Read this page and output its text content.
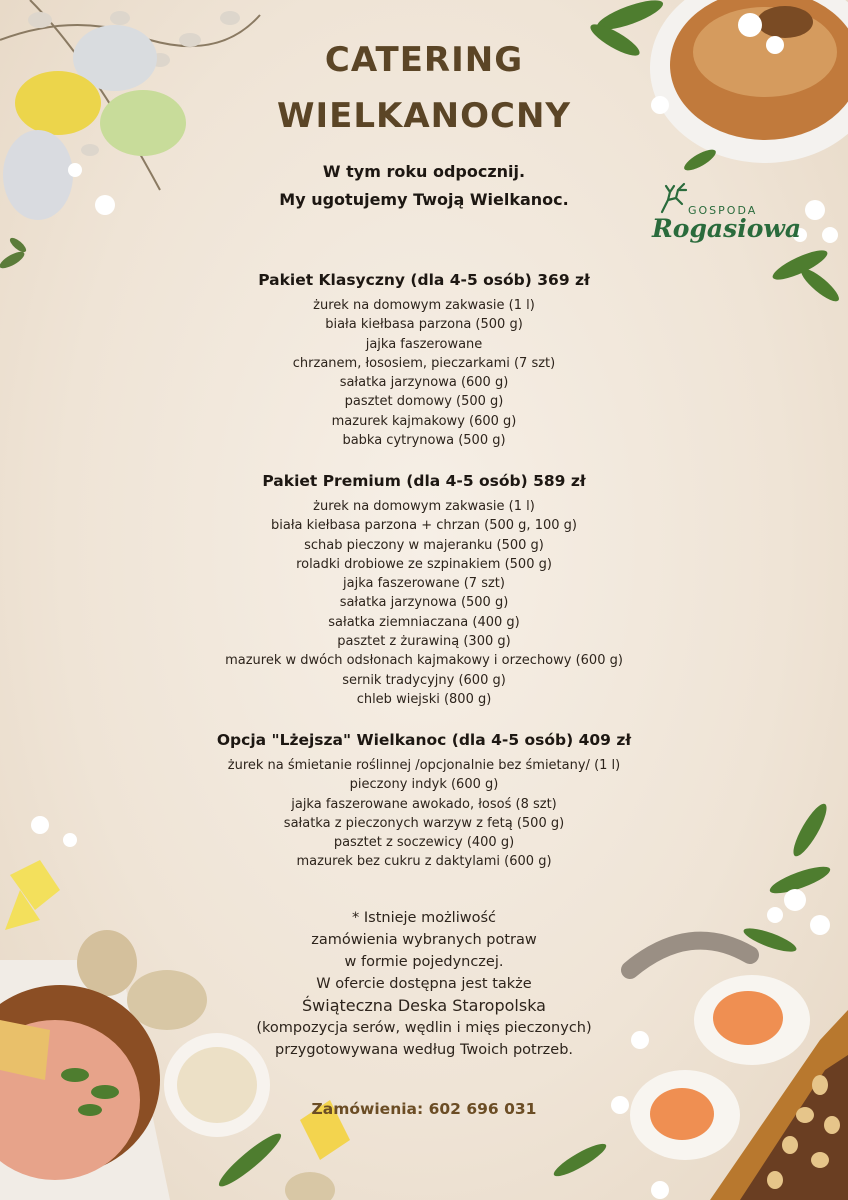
CATERING
WIELKANOCNY
W tym roku odpocznij.
My ugotujemy Twoją Wielkanoc.
GOSPODA
Rogasiowa
Pakiet Klasyczny (dla 4-5 osób) 369 zł
żurek na domowym zakwasie (1 l)
biała kiełbasa parzona (500 g)
jajka faszerowane
chrzanem, łososiem, pieczarkami (7 szt)
sałatka jarzynowa (600 g)
pasztet domowy (500 g)
mazurek kajmakowy (600 g)
babka cytrynowa (500 g)
Pakiet Premium (dla 4-5 osób) 589 zł
żurek na domowym zakwasie (1 l)
biała kiełbasa parzona + chrzan (500 g, 100 g)
schab pieczony w majeranku (500 g)
roladki drobiowe ze szpinakiem (500 g)
jajka faszerowane (7 szt)
sałatka jarzynowa (500 g)
sałatka ziemniaczana (400 g)
pasztet z żurawiną (300 g)
mazurek w dwóch odsłonach kajmakowy i orzechowy (600 g)
sernik tradycyjny (600 g)
chleb wiejski (800 g)
Opcja "Lżejsza" Wielkanoc (dla 4-5 osób) 409 zł
żurek na śmietanie roślinnej /opcjonalnie bez śmietany/ (1 l)
pieczony indyk (600 g)
jajka faszerowane awokado, łosoś (8 szt)
sałatka z pieczonych warzyw z fetą (500 g)
pasztet z soczewicy (400 g)
mazurek bez cukru z daktylami (600 g)
* Istnieje możliwość
zamówienia wybranych potraw
w formie pojedynczej.
W ofercie dostępna jest także
Świąteczna Deska Staropolska
(kompozycja serów, wędlin i mięs pieczonych)
przygotowywana według Twoich potrzeb.
Zamówienia: 602 696 031
